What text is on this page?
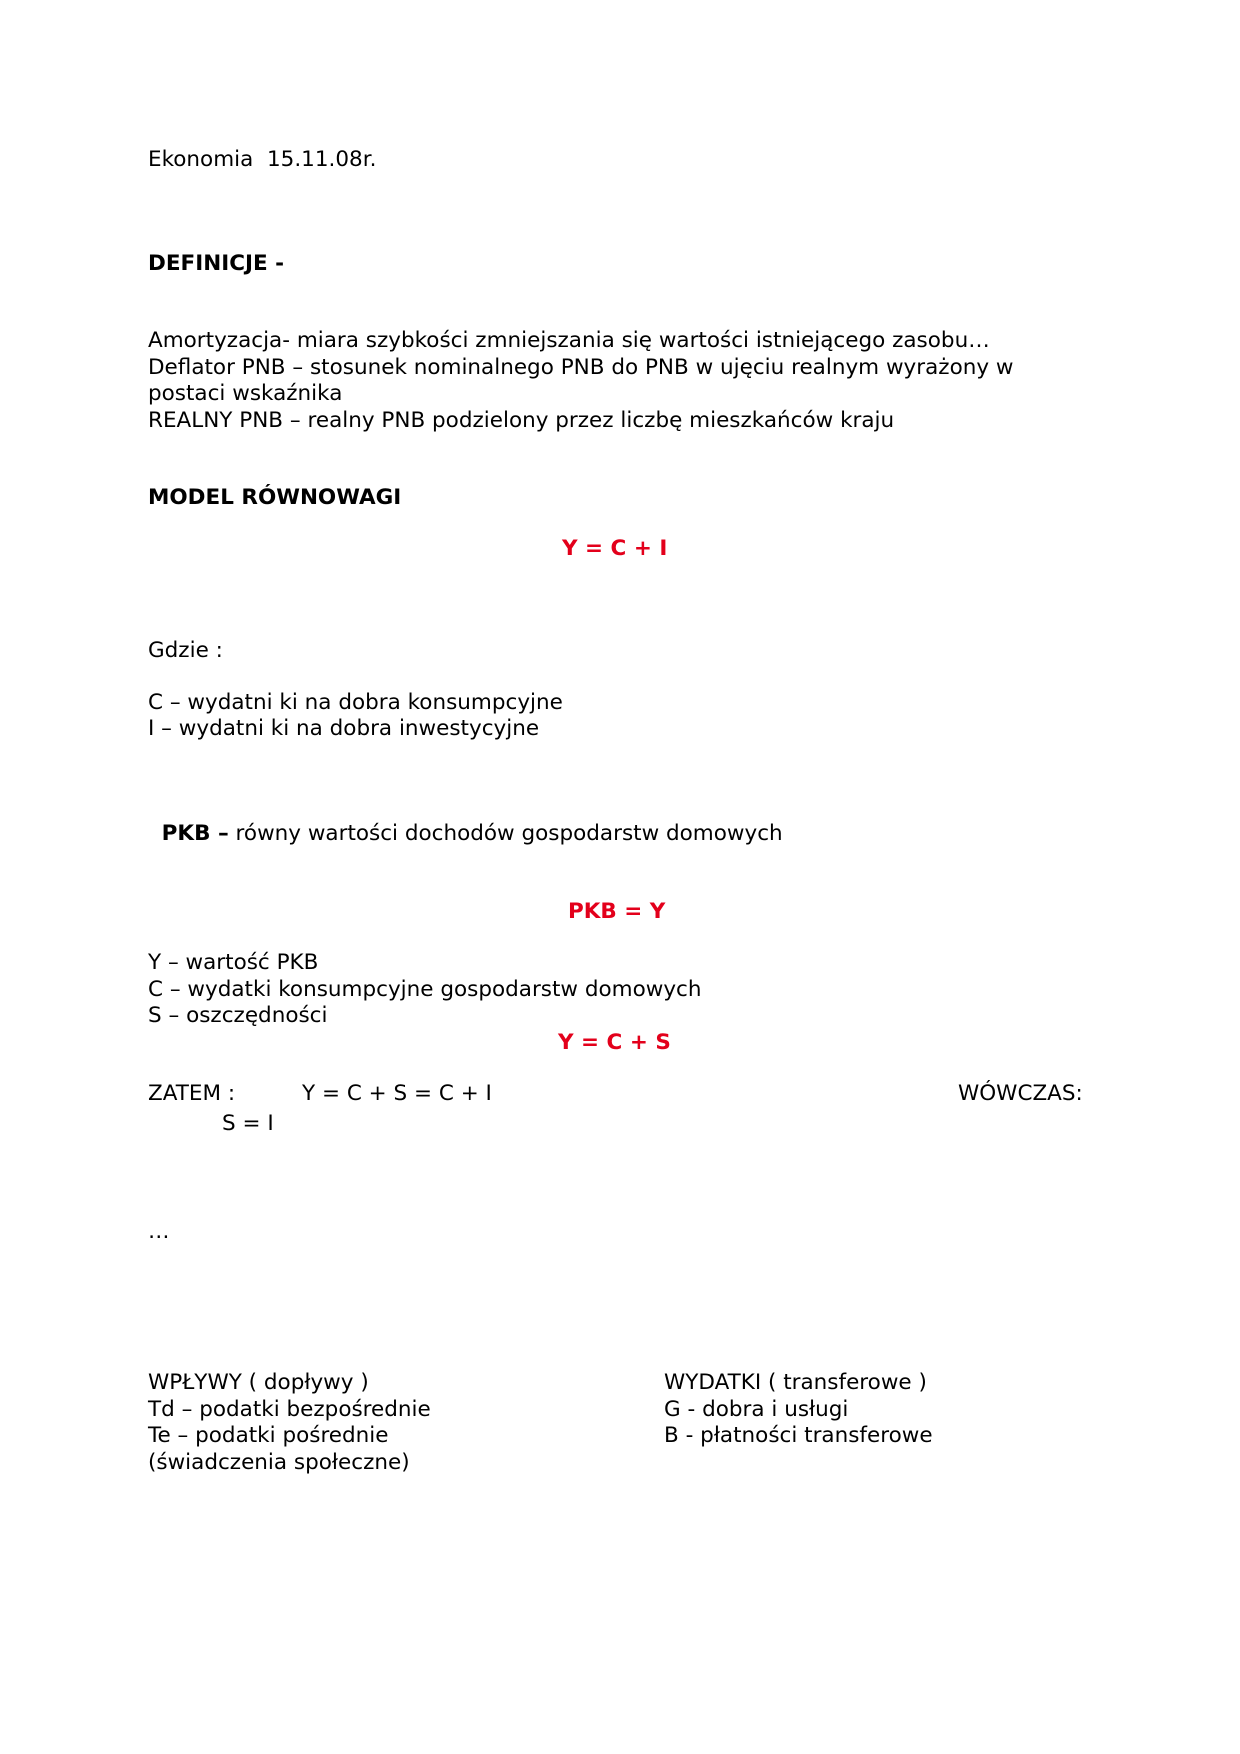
Ekonomia  15.11.08r.
DEFINICJE -
Amortyzacja- miara szybkości zmniejszania się wartości istniejącego zasobu…
Deflator PNB – stosunek nominalnego PNB do PNB w ujęciu realnym wyrażony w
postaci wskaźnika
REALNY PNB – realny PNB podzielony przez liczbę mieszkańców kraju
MODEL RÓWNOWAGI
Y = C + I
Gdzie :
C – wydatni ki na dobra konsumpcyjne
I – wydatni ki na dobra inwestycyjne

PKB – równy wartości dochodów gospodarstw domowych

PKB = Y
Y – wartość PKB
C – wydatki konsumpcyjne gospodarstw domowych
S – oszczędności
Y = C + S
ZATEM :	Y = C + S = C + I	WÓWCZAS:
S = I
…
WPŁYWY ( dopływy )
Td – podatki bezpośrednie
Te – podatki pośrednie
(świadczenia społeczne)
WYDATKI ( transferowe )
G - dobra i usługi
B - płatności transferowe
